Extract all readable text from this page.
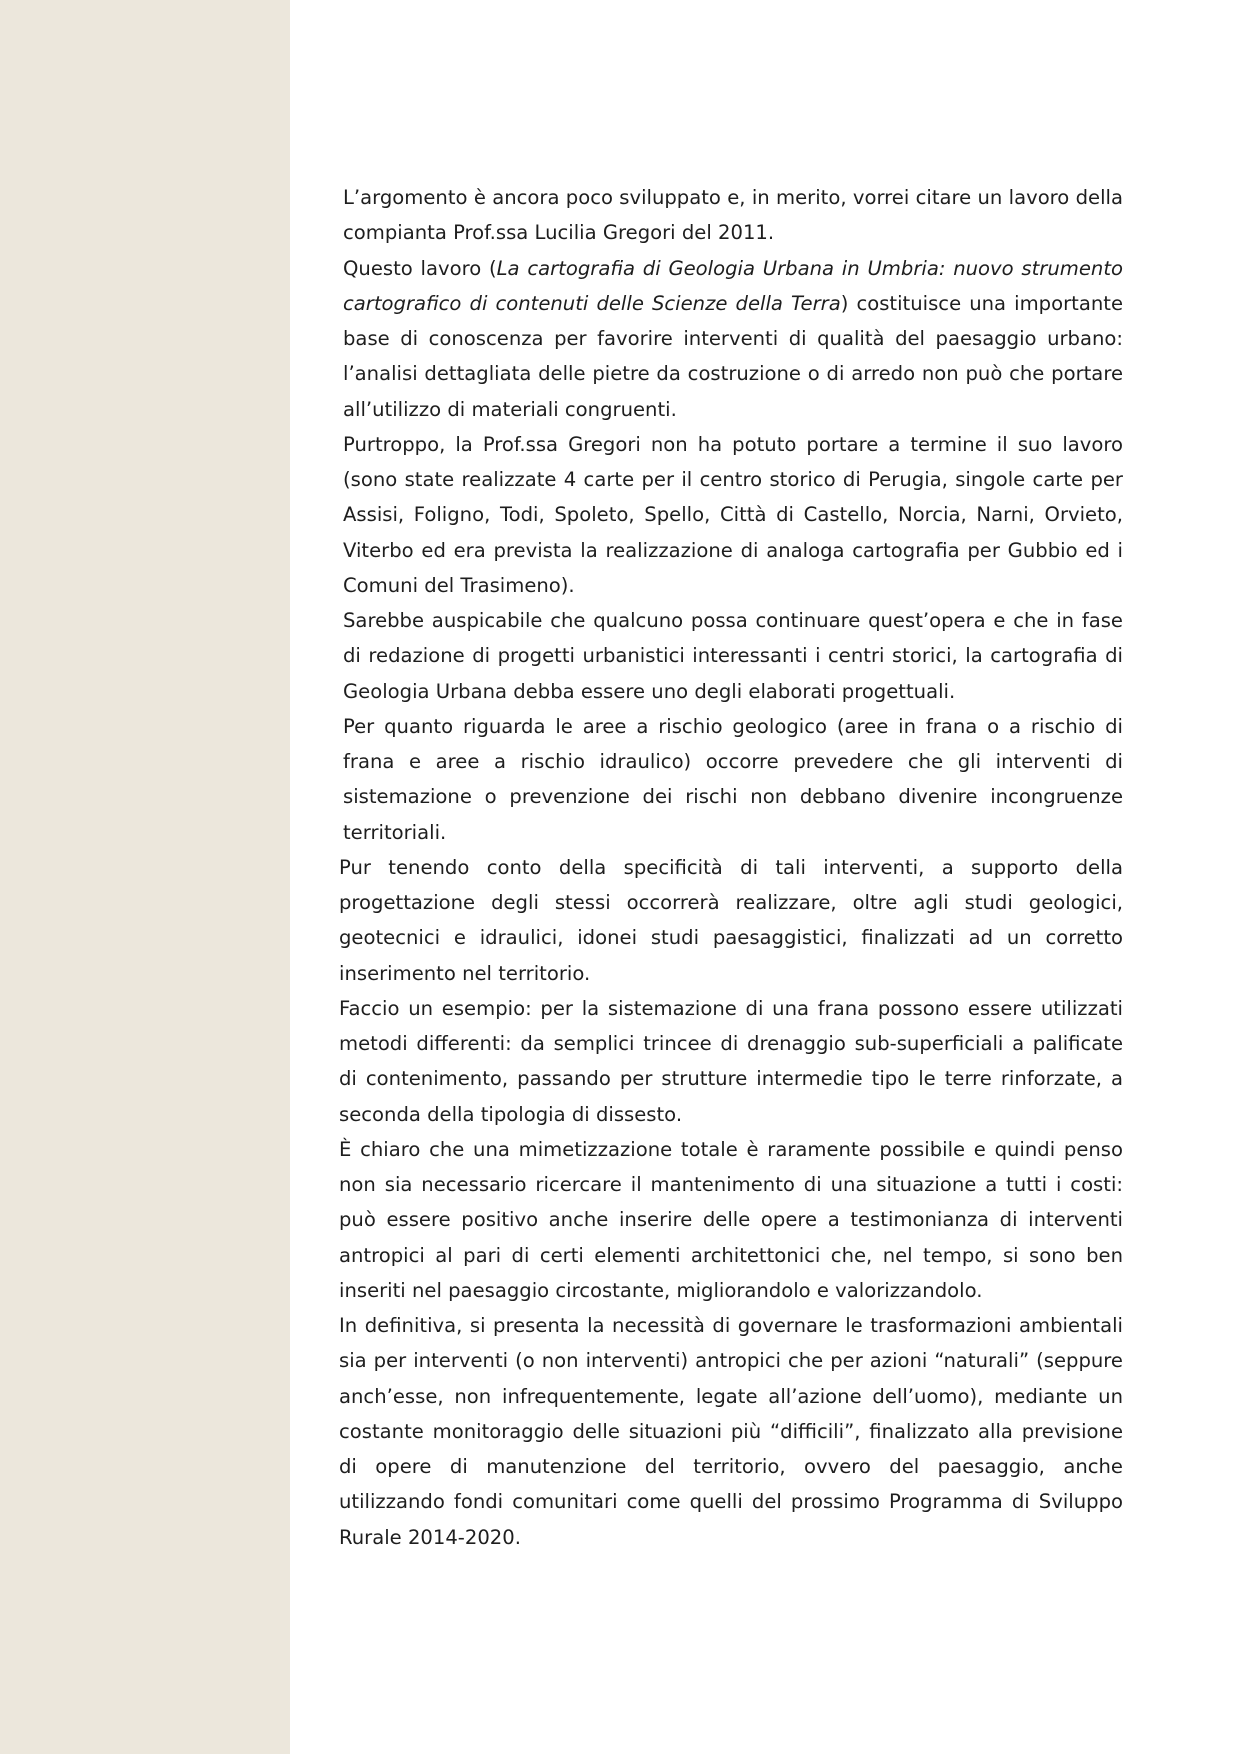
L’argomento è ancora poco sviluppato e, in merito, vorrei citare un lavoro della compianta Prof.ssa Lucilia Gregori del 2011.

Questo lavoro (La cartografia di Geologia Urbana in Umbria: nuovo strumento cartografico di contenuti delle Scienze della Terra) costituisce una importante base di conoscenza per favorire interventi di qualità del paesaggio urbano: l’analisi dettagliata delle pietre da costruzione o di arredo non può che portare all’utilizzo di materiali congruenti.

Purtroppo, la Prof.ssa Gregori non ha potuto portare a termine il suo lavoro (sono state realizzate 4 carte per il centro storico di Perugia, singole carte per Assisi, Foligno, Todi, Spoleto, Spello, Città di Castello, Norcia, Narni, Orvieto, Viterbo ed era prevista la realizzazione di analoga cartografia per Gubbio ed i Comuni del Trasimeno).

Sarebbe auspicabile che qualcuno possa continuare quest’opera e che in fase di redazione di progetti urbanistici interessanti i centri storici, la cartografia di Geologia Urbana debba essere uno degli elaborati progettuali.

Per quanto riguarda le aree a rischio geologico (aree in frana o a rischio di frana e aree a rischio idraulico) occorre prevedere che gli interventi di sistemazione o prevenzione dei rischi non debbano divenire incongruenze territoriali.

Pur tenendo conto della specificità di tali interventi, a supporto della progettazione degli stessi occorrerà realizzare, oltre agli studi geologici, geotecnici e idraulici, idonei studi paesaggistici, finalizzati ad un corretto inserimento nel territorio.

Faccio un esempio: per la sistemazione di una frana possono essere utilizzati metodi differenti: da semplici trincee di drenaggio sub-superficiali a palificate di contenimento, passando per strutture intermedie tipo le terre rinforzate, a seconda della tipologia di dissesto.

È chiaro che una mimetizzazione totale è raramente possibile e quindi penso non sia necessario ricercare il mantenimento di una situazione a tutti i costi: può essere positivo anche inserire delle opere a testimonianza di interventi antropici al pari di certi elementi architettonici che, nel tempo, si sono ben inseriti nel paesaggio circostante, migliorandolo e valorizzandolo.

In definitiva, si presenta la necessità di governare le trasformazioni ambientali sia per interventi (o non interventi) antropici che per azioni “naturali” (seppure anch’esse, non infrequentemente, legate all’azione dell’uomo), mediante un costante monitoraggio delle situazioni più “difficili”, finalizzato alla previsione di opere di manutenzione del territorio, ovvero del paesaggio, anche utilizzando fondi comunitari come quelli del prossimo Programma di Sviluppo Rurale 2014-2020.
